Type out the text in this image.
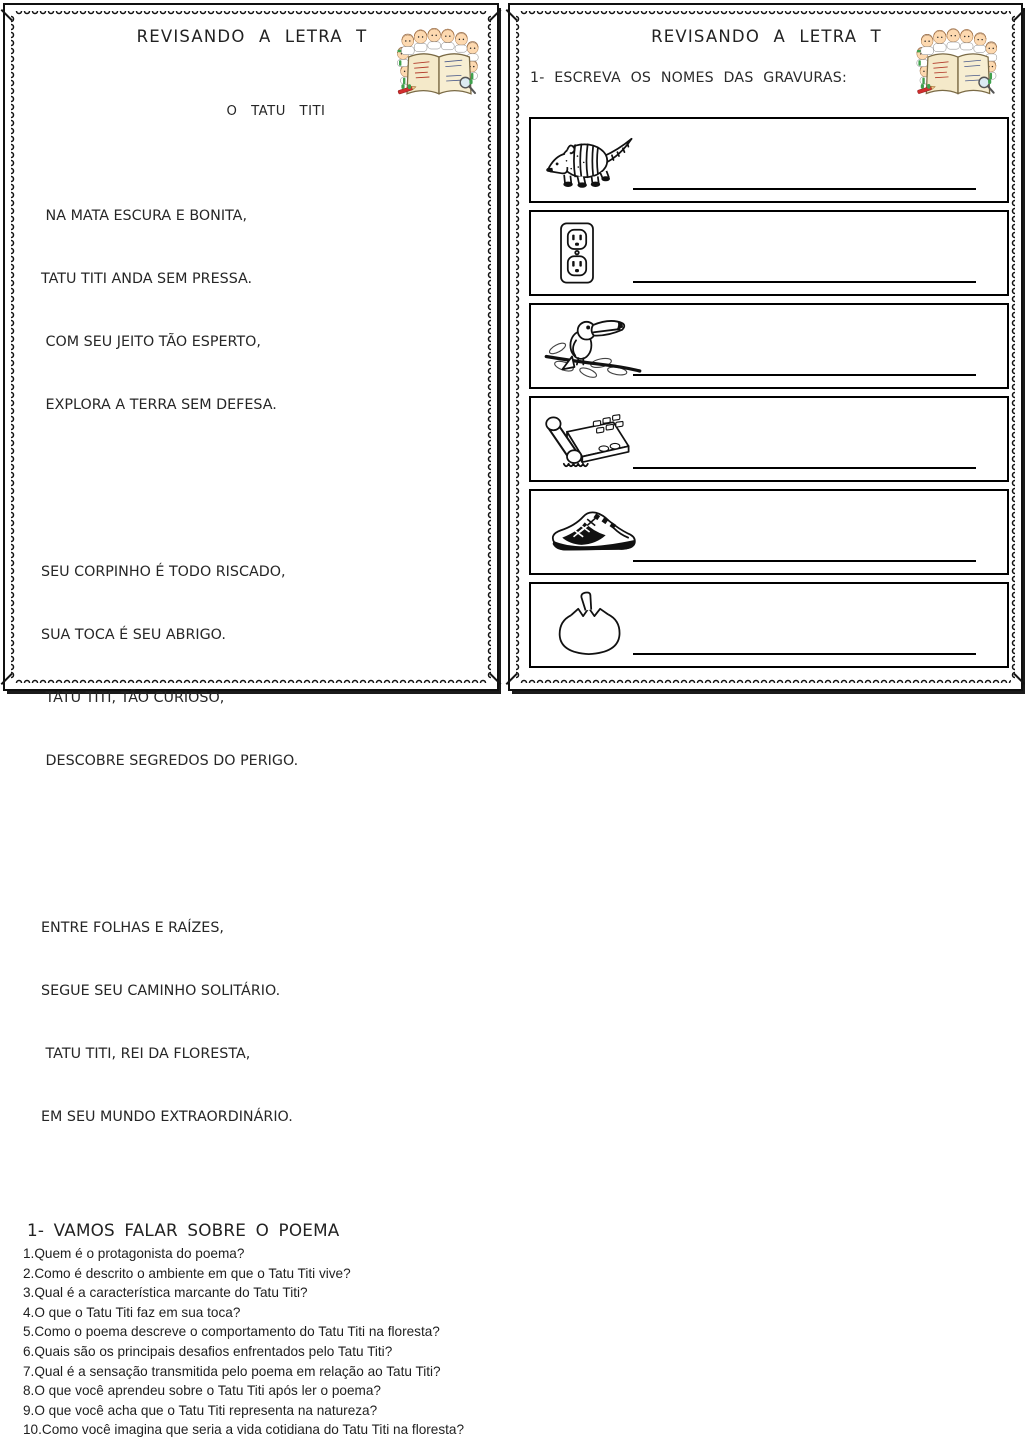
REVISANDO A LETRA T

O TATU TITI

NA MATA ESCURA E BONITA,

TATU TITI ANDA SEM PRESSA.

COM SEU JEITO TÃO ESPERTO,

EXPLORA A TERRA SEM DEFESA.

SEU CORPINHO É TODO RISCADO,

SUA TOCA É SEU ABRIGO.

TATU TITI, TÃO CURIOSO,

DESCOBRE SEGREDOS DO PERIGO.

ENTRE FOLHAS E RAÍZES,

SEGUE SEU CAMINHO SOLITÁRIO.

TATU TITI, REI DA FLORESTA,

EM SEU MUNDO EXTRAORDINÁRIO.

1- VAMOS FALAR SOBRE O POEMA
1.Quem é o protagonista do poema?
2.Como é descrito o ambiente em que o Tatu Titi vive?
3.Qual é a característica marcante do Tatu Titi?
4.O que o Tatu Titi faz em sua toca?
5.Como o poema descreve o comportamento do Tatu Titi na floresta?
6.Quais são os principais desafios enfrentados pelo Tatu Titi?
7.Qual é a sensação transmitida pelo poema em relação ao Tatu Titi?
8.O que você aprendeu sobre o Tatu Titi após ler o poema?
9.O que você acha que o Tatu Titi representa na natureza?
10.Como você imagina que seria a vida cotidiana do Tatu Titi na floresta?
REVISANDO A LETRA T
1- ESCREVA OS NOMES DAS GRAVURAS:
